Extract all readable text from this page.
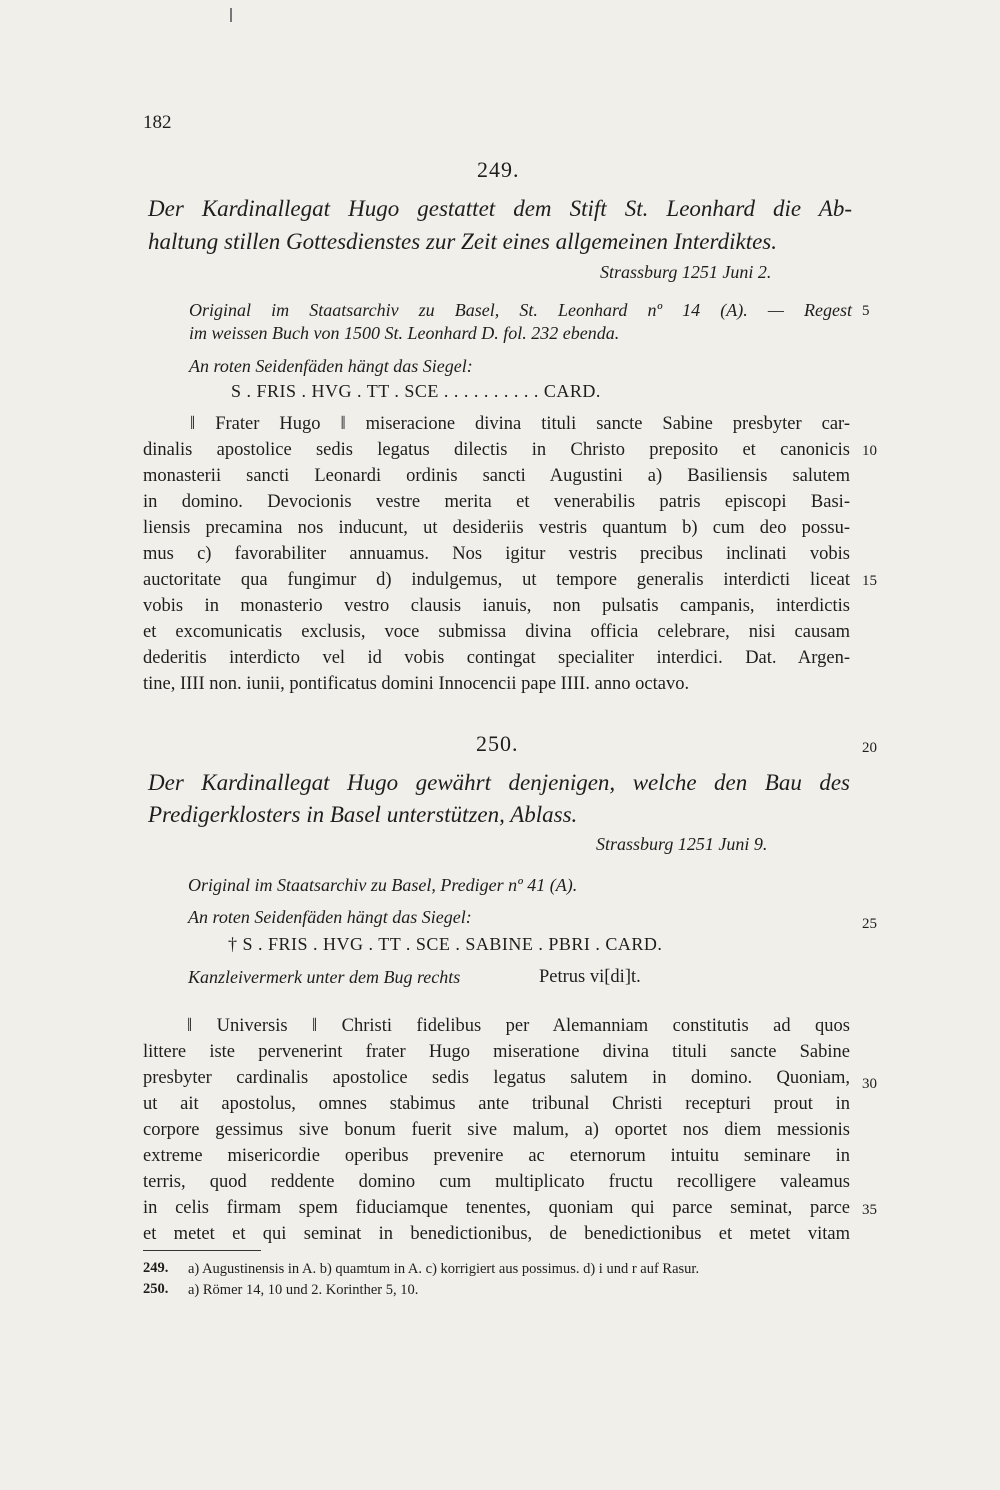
182
249.
Der Kardinallegat Hugo gestattet dem Stift St. Leonhard die Ab-
haltung stillen Gottesdienstes zur Zeit eines allgemeinen Interdiktes.
Strassburg 1251 Juni 2.
Original im Staatsarchiv zu Basel, St. Leonhard nº 14 (A). — Regest
im weissen Buch von 1500 St. Leonhard D. fol. 232 ebenda.
An roten Seidenfäden hängt das Siegel:
S . FRIS . HVG . TT . SCE . . . . . . . . . . CARD.
‖ Frater Hugo ‖ miseracione divina tituli sancte Sabine presbyter car-
dinalis apostolice sedis legatus dilectis in Christo preposito et canonicis
monasterii sancti Leonardi ordinis sancti Augustini a) Basiliensis salutem
in domino. Devocionis vestre merita et venerabilis patris episcopi Basi-
liensis precamina nos inducunt, ut desideriis vestris quantum b) cum deo possu-
mus c) favorabiliter annuamus. Nos igitur vestris precibus inclinati vobis
auctoritate qua fungimur d) indulgemus, ut tempore generalis interdicti liceat
vobis in monasterio vestro clausis ianuis, non pulsatis campanis, interdictis
et excomunicatis exclusis, voce submissa divina officia celebrare, nisi causam
dederitis interdicto vel id vobis contingat specialiter interdici. Dat. Argen-
tine, IIII non. iunii, pontificatus domini Innocencii pape IIII. anno octavo.
250.
Der Kardinallegat Hugo gewährt denjenigen, welche den Bau des
Predigerklosters in Basel unterstützen, Ablass.
Strassburg 1251 Juni 9.
Original im Staatsarchiv zu Basel, Prediger nº 41 (A).
An roten Seidenfäden hängt das Siegel:
† S . FRIS . HVG . TT . SCE . SABINE . PBRI . CARD.
Kanzleivermerk unter dem Bug rechts	Petrus vi[di]t.
‖ Universis ‖ Christi fidelibus per Alemanniam constitutis ad quos
littere iste pervenerint frater Hugo miseratione divina tituli sancte Sabine
presbyter cardinalis apostolice sedis legatus salutem in domino. Quoniam,
ut ait apostolus, omnes stabimus ante tribunal Christi recepturi prout in
corpore gessimus sive bonum fuerit sive malum, a) oportet nos diem messionis
extreme misericordie operibus prevenire ac eternorum intuitu seminare in
terris, quod reddente domino cum multiplicato fructu recolligere valeamus
in celis firmam spem fiduciamque tenentes, quoniam qui parce seminat, parce
et metet et qui seminat in benedictionibus, de benedictionibus et metet vitam
5
10
15
20
25
30
35
249. a) Augustinensis in A. b) quamtum in A. c) korrigiert aus possimus. d) i und r auf Rasur.
250. a) Römer 14, 10 und 2. Korinther 5, 10.
